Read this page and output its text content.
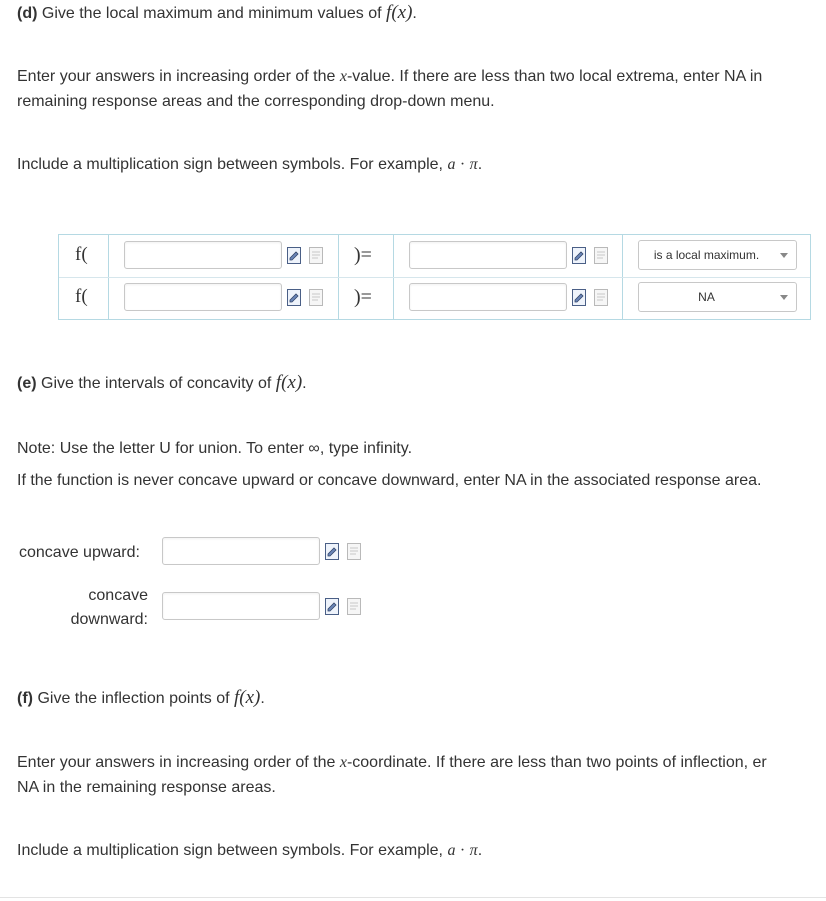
(d) Give the local maximum and minimum values of f(x).
Enter your answers in increasing order of the x-value. If there are less than two local extrema, enter NA in
remaining response areas and the corresponding drop-down menu.
Include a multiplication sign between symbols. For example, a · π.
f(	)=	is a local maximum.
f(	)=	NA
(e) Give the intervals of concavity of f(x).
Note: Use the letter U for union. To enter ∞, type infinity.
If the function is never concave upward or concave downward, enter NA in the associated response area.
concave upward:
concave
downward:
(f) Give the inflection points of f(x).
Enter your answers in increasing order of the x-coordinate. If there are less than two points of inflection, er
NA in the remaining response areas.
Include a multiplication sign between symbols. For example, a · π.
